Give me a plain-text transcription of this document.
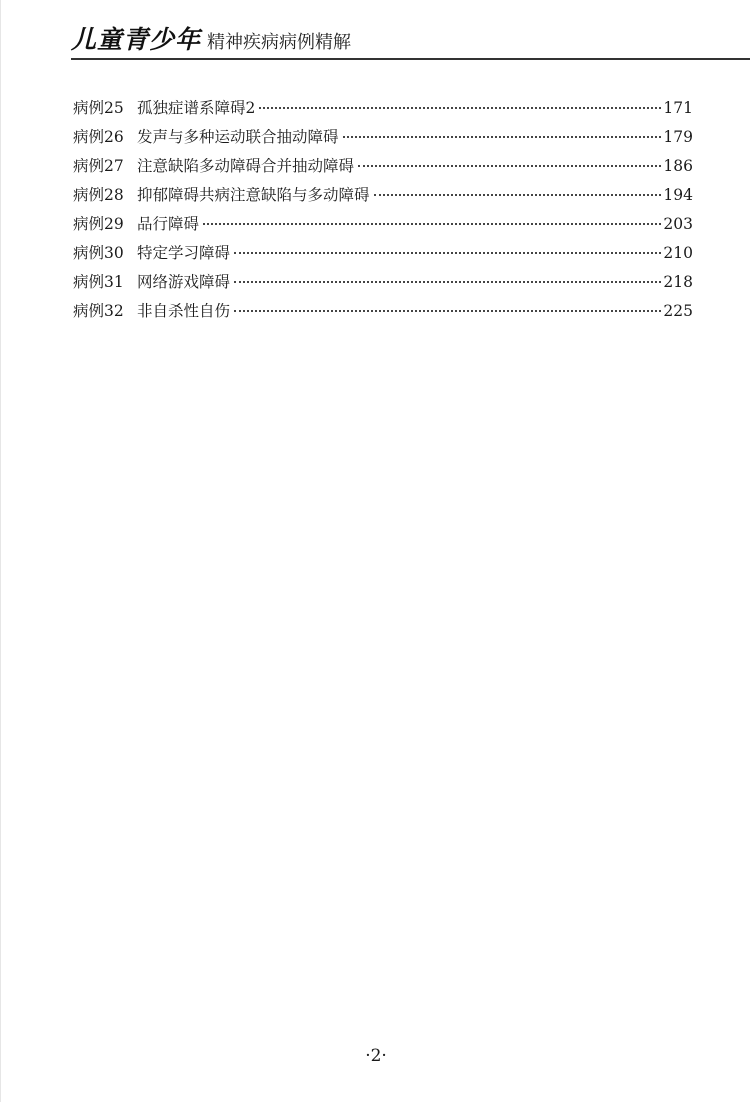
儿童青少年 精神疾病病例精解
病例25 孤独症谱系障碍2	171
病例26 发声与多种运动联合抽动障碍	179
病例27 注意缺陷多动障碍合并抽动障碍	186
病例28 抑郁障碍共病注意缺陷与多动障碍	194
病例29 品行障碍	203
病例30 特定学习障碍	210
病例31 网络游戏障碍	218
病例32 非自杀性自伤	225
·2·
